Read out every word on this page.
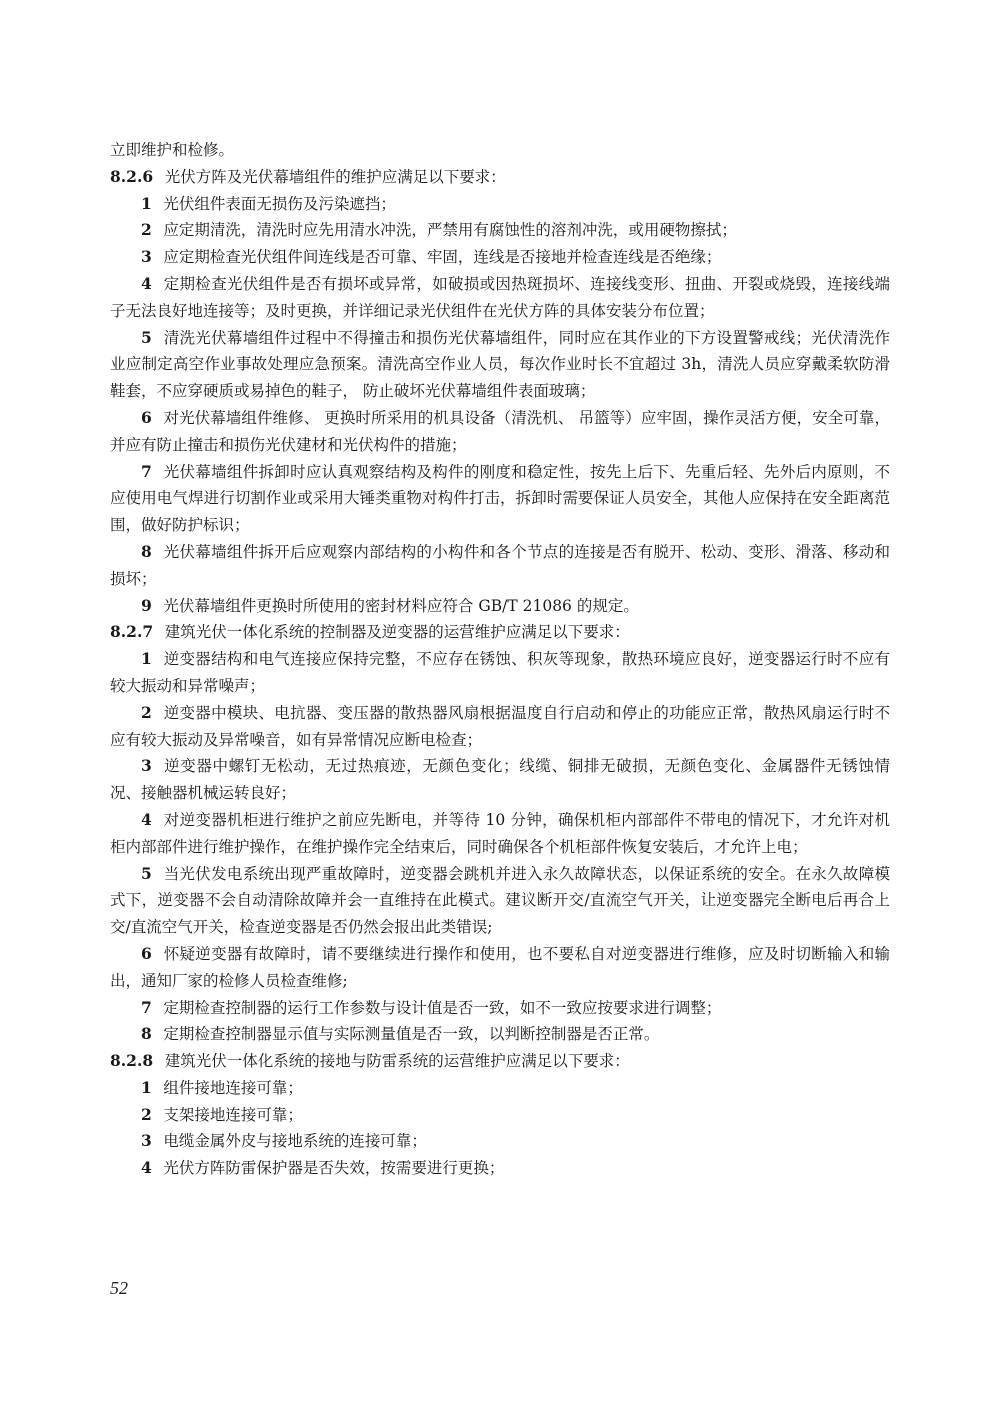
立即维护和检修。

8.2.6 光伏方阵及光伏幕墙组件的维护应满足以下要求：

1 光伏组件表面无损伤及污染遮挡；

2 应定期清洗，清洗时应先用清水冲洗，严禁用有腐蚀性的溶剂冲洗，或用硬物擦拭；

3 应定期检查光伏组件间连线是否可靠、牢固，连线是否接地并检查连线是否绝缘；

4 定期检查光伏组件是否有损坏或异常，如破损或因热斑损坏、连接线变形、扭曲、开裂或烧毁，连接线端子无法良好地连接等；及时更换，并详细记录光伏组件在光伏方阵的具体安装分布位置；

5 清洗光伏幕墙组件过程中不得撞击和损伤光伏幕墙组件，同时应在其作业的下方设置警戒线；光伏清洗作业应制定高空作业事故处理应急预案。清洗高空作业人员，每次作业时长不宜超过 3h，清洗人员应穿戴柔软防滑鞋套，不应穿硬质或易掉色的鞋子， 防止破坏光伏幕墙组件表面玻璃；

6 对光伏幕墙组件维修、 更换时所采用的机具设备（清洗机、 吊篮等）应牢固，操作灵活方便，安全可靠，并应有防止撞击和损伤光伏建材和光伏构件的措施；

7 光伏幕墙组件拆卸时应认真观察结构及构件的刚度和稳定性，按先上后下、先重后轻、先外后内原则，不应使用电气焊进行切割作业或采用大锤类重物对构件打击，拆卸时需要保证人员安全，其他人应保持在安全距离范围，做好防护标识；

8 光伏幕墙组件拆开后应观察内部结构的小构件和各个节点的连接是否有脱开、松动、变形、滑落、移动和损坏；

9 光伏幕墙组件更换时所使用的密封材料应符合 GB/T 21086 的规定。

8.2.7 建筑光伏一体化系统的控制器及逆变器的运营维护应满足以下要求：

1 逆变器结构和电气连接应保持完整，不应存在锈蚀、积灰等现象，散热环境应良好，逆变器运行时不应有较大振动和异常噪声；

2 逆变器中模块、电抗器、变压器的散热器风扇根据温度自行启动和停止的功能应正常，散热风扇运行时不应有较大振动及异常噪音，如有异常情况应断电检查；

3 逆变器中螺钉无松动，无过热痕迹，无颜色变化；线缆、铜排无破损，无颜色变化、金属器件无锈蚀情况、接触器机械运转良好；

4 对逆变器机柜进行维护之前应先断电，并等待 10 分钟，确保机柜内部部件不带电的情况下，才允许对机柜内部部件进行维护操作，在维护操作完全结束后，同时确保各个机柜部件恢复安装后，才允许上电；

5 当光伏发电系统出现严重故障时，逆变器会跳机并进入永久故障状态，以保证系统的安全。在永久故障模式下，逆变器不会自动清除故障并会一直维持在此模式。建议断开交/直流空气开关，让逆变器完全断电后再合上交/直流空气开关，检查逆变器是否仍然会报出此类错误;

6 怀疑逆变器有故障时，请不要继续进行操作和使用，也不要私自对逆变器进行维修，应及时切断输入和输出，通知厂家的检修人员检查维修;

7 定期检查控制器的运行工作参数与设计值是否一致，如不一致应按要求进行调整；

8 定期检查控制器显示值与实际测量值是否一致，以判断控制器是否正常。

8.2.8 建筑光伏一体化系统的接地与防雷系统的运营维护应满足以下要求：

1 组件接地连接可靠；

2 支架接地连接可靠；

3 电缆金属外皮与接地系统的连接可靠；

4 光伏方阵防雷保护器是否失效，按需要进行更换；

52
